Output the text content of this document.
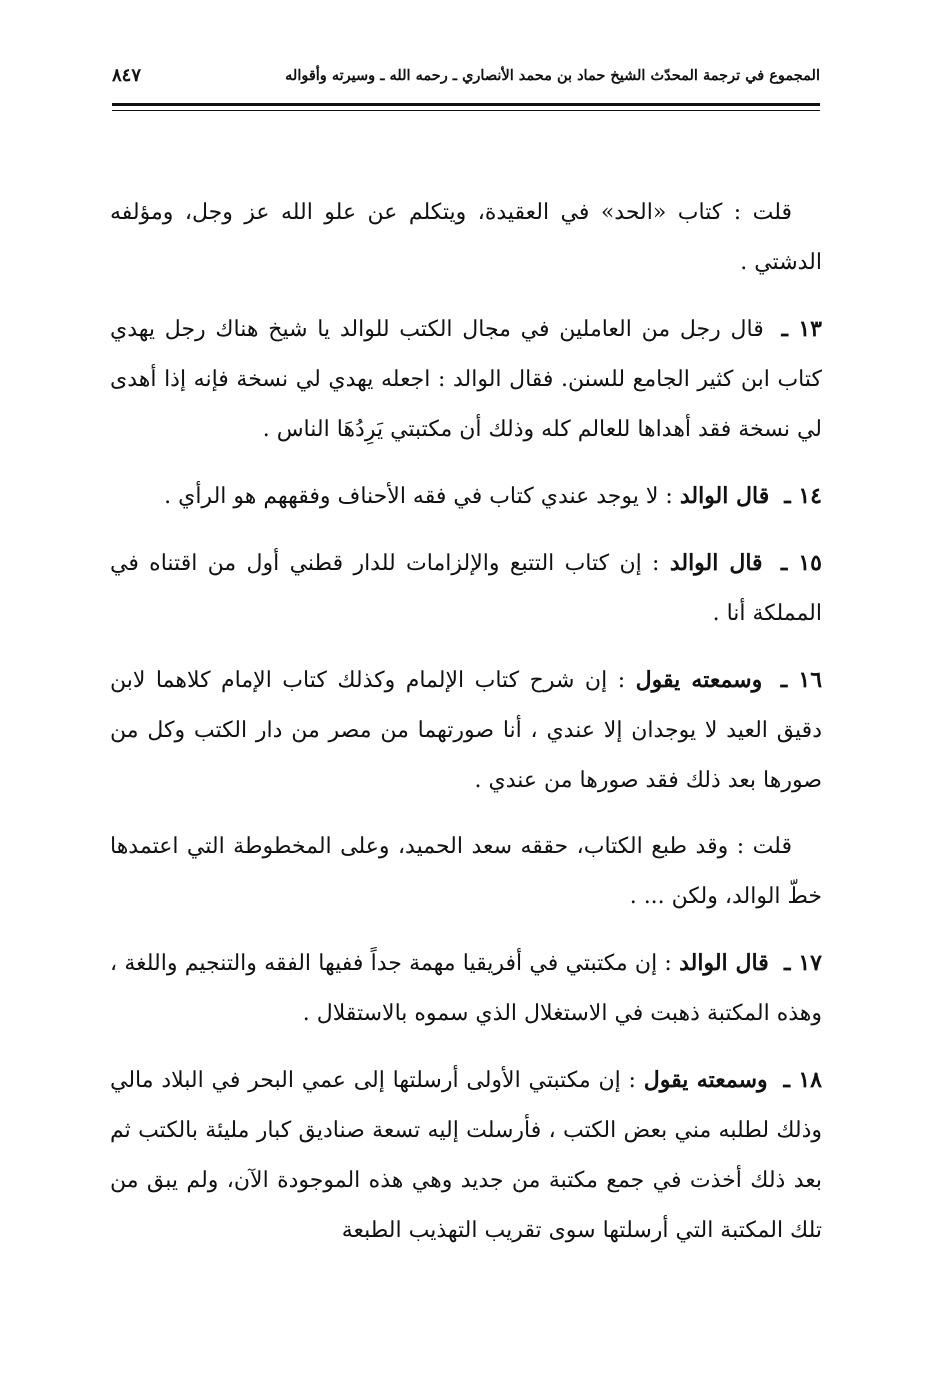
المجموع في ترجمة المحدّث الشيخ حماد بن محمد الأنصاري ـ رحمه الله ـ وسيرته وأقواله
٨٤٧

قلت : كتاب «الحد» في العقيدة، ويتكلم عن علو الله عز وجل، ومؤلفه الدشتي .

١٣ ـ قال رجل من العاملين في مجال الكتب للوالد يا شيخ هناك رجل يهدي كتاب ابن كثير الجامع للسنن. فقال الوالد : اجعله يهدي لي نسخة فإنه إذا أهدى لي نسخة فقد أهداها للعالم كله وذلك أن مكتبتي يَرِدُهَا الناس .

١٤ ـ قال الوالد : لا يوجد عندي كتاب في فقه الأحناف وفقههم هو الرأي .

١٥ ـ قال الوالد : إن كتاب التتبع والإلزامات للدار قطني أول من اقتناه في المملكة أنا .

١٦ ـ وسمعته يقول : إن شرح كتاب الإلمام وكذلك كتاب الإمام كلاهما لابن دقيق العيد لا يوجدان إلا عندي ، أنا صورتهما من مصر من دار الكتب وكل من صورها بعد ذلك فقد صورها من عندي .

قلت : وقد طبع الكتاب، حققه سعد الحميد، وعلى المخطوطة التي اعتمدها خطّ الوالد، ولكن ... .

١٧ ـ قال الوالد : إن مكتبتي في أفريقيا مهمة جداً ففيها الفقه والتنجيم واللغة ، وهذه المكتبة ذهبت في الاستغلال الذي سموه بالاستقلال .

١٨ ـ وسمعته يقول : إن مكتبتي الأولى أرسلتها إلى عمي البحر في البلاد مالي وذلك لطلبه مني بعض الكتب ، فأرسلت إليه تسعة صناديق كبار مليئة بالكتب ثم بعد ذلك أخذت في جمع مكتبة من جديد وهي هذه الموجودة الآن، ولم يبق من تلك المكتبة التي أرسلتها سوى تقريب التهذيب الطبعة
